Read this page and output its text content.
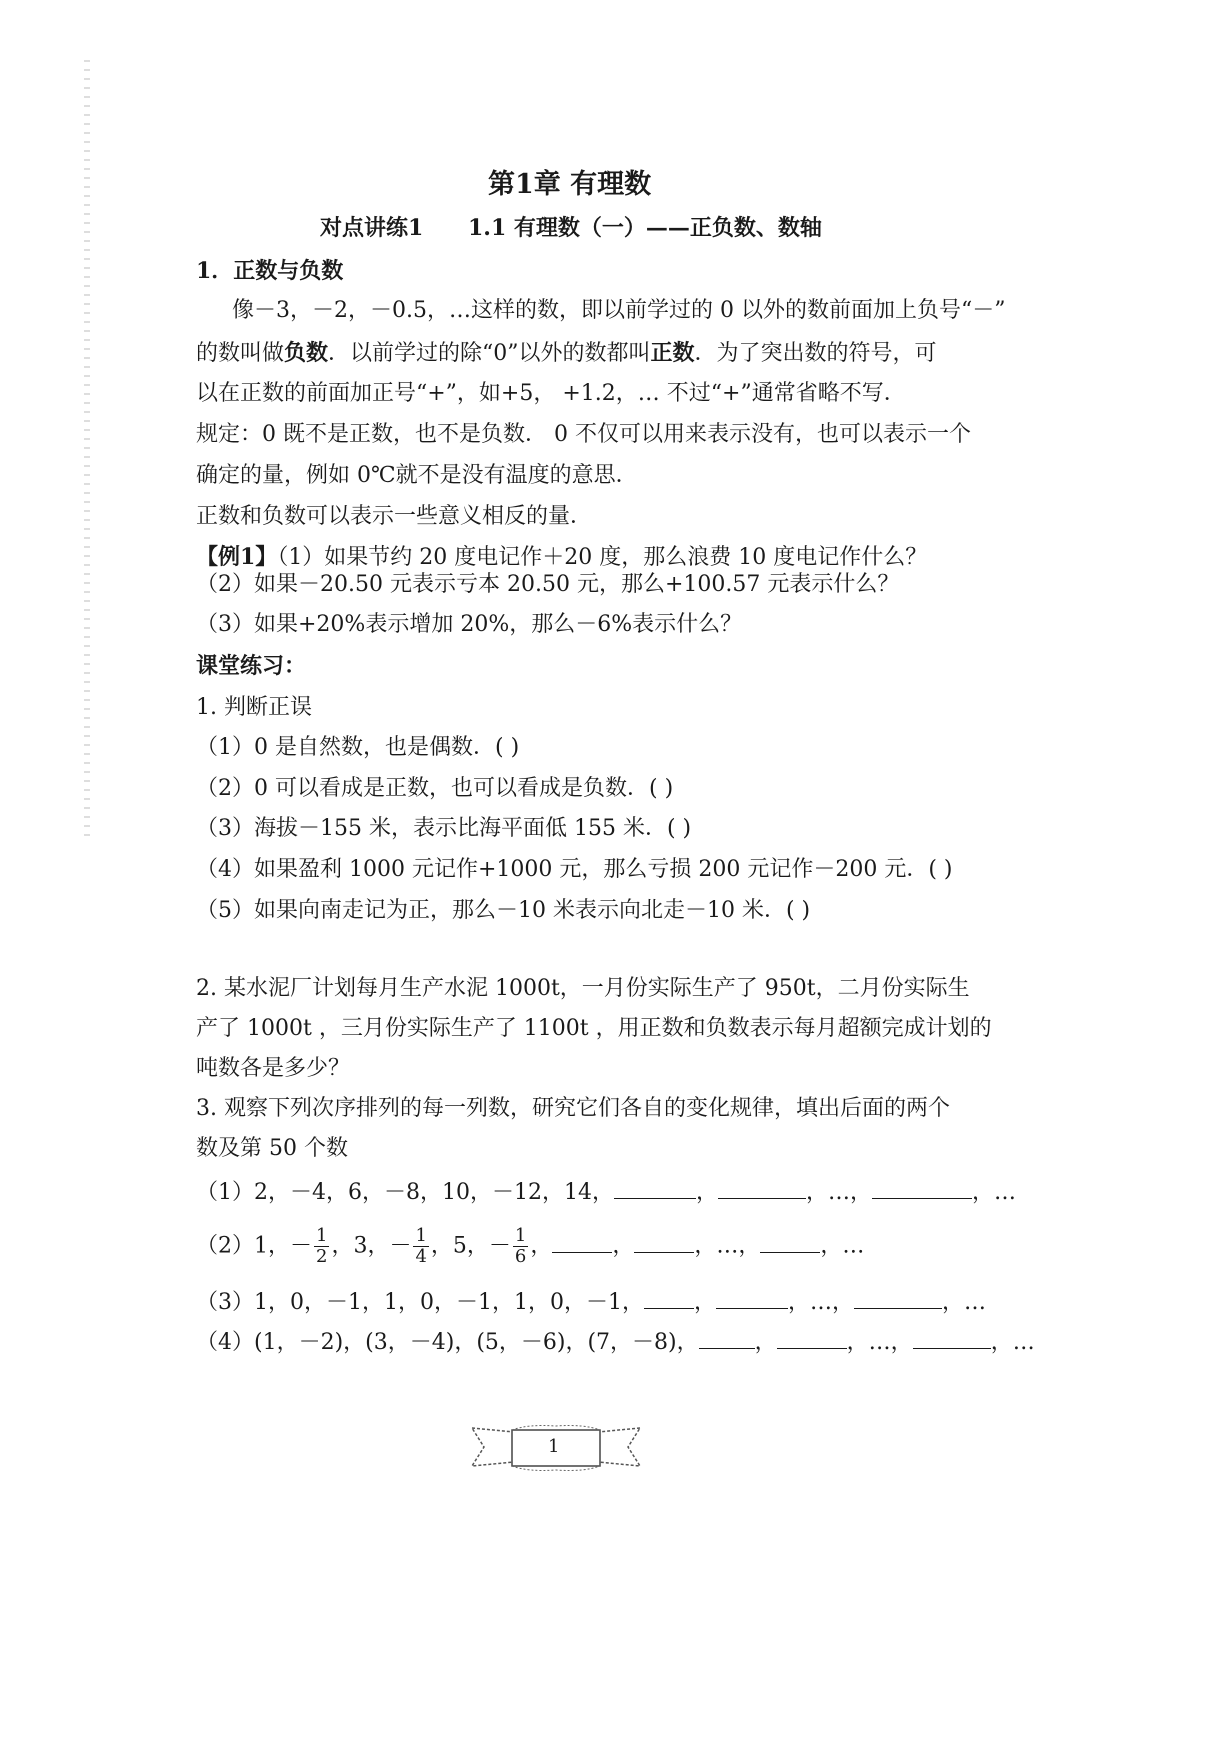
第1章 有理数
对点讲练1 1.1 有理数（一）——正负数、数轴
1．正数与负数
像－3，－2，－0.5，…这样的数，即以前学过的 0 以外的数前面加上负号“－”
的数叫做负数．以前学过的除“0”以外的数都叫正数．为了突出数的符号，可
以在正数的前面加正号“+”，如+5， +1.2，… 不过“+”通常省略不写．
规定：0 既不是正数，也不是负数． 0 不仅可以用来表示没有，也可以表示一个
确定的量，例如 0℃就不是没有温度的意思．
正数和负数可以表示一些意义相反的量．
【例1】（1）如果节约 20 度电记作＋20 度，那么浪费 10 度电记作什么？
（2）如果－20.50 元表示亏本 20.50 元，那么+100.57 元表示什么？
（3）如果+20%表示增加 20%，那么－6%表示什么？
课堂练习：
1. 判断正误
（1）0 是自然数，也是偶数．( )
（2）0 可以看成是正数，也可以看成是负数．( )
（3）海拔－155 米，表示比海平面低 155 米．( )
（4）如果盈利 1000 元记作+1000 元，那么亏损 200 元记作－200 元．( )
（5）如果向南走记为正，那么－10 米表示向北走－10 米．( )
2. 某水泥厂计划每月生产水泥 1000t，一月份实际生产了 950t，二月份实际生
产了 1000t ，三月份实际生产了 1100t ，用正数和负数表示每月超额完成计划的
吨数各是多少？
3. 观察下列次序排列的每一列数，研究它们各自的变化规律，填出后面的两个
数及第 50 个数
（1）2，－4，6，－8，10，－12，14，	，	，…，	，…
（2）1，－ $\frac{1}{2}$ ，3，－ $\frac{1}{4}$ ，5，－ $\frac{1}{6}$ ，	，	，…，	，…
（3）1，0，－1，1，0，－1，1，0，－1， ，	，…，	，…
（4）(1，－2)，(3，－4)，(5，－6)，(7，－8)，	，	，…，	，…
1
